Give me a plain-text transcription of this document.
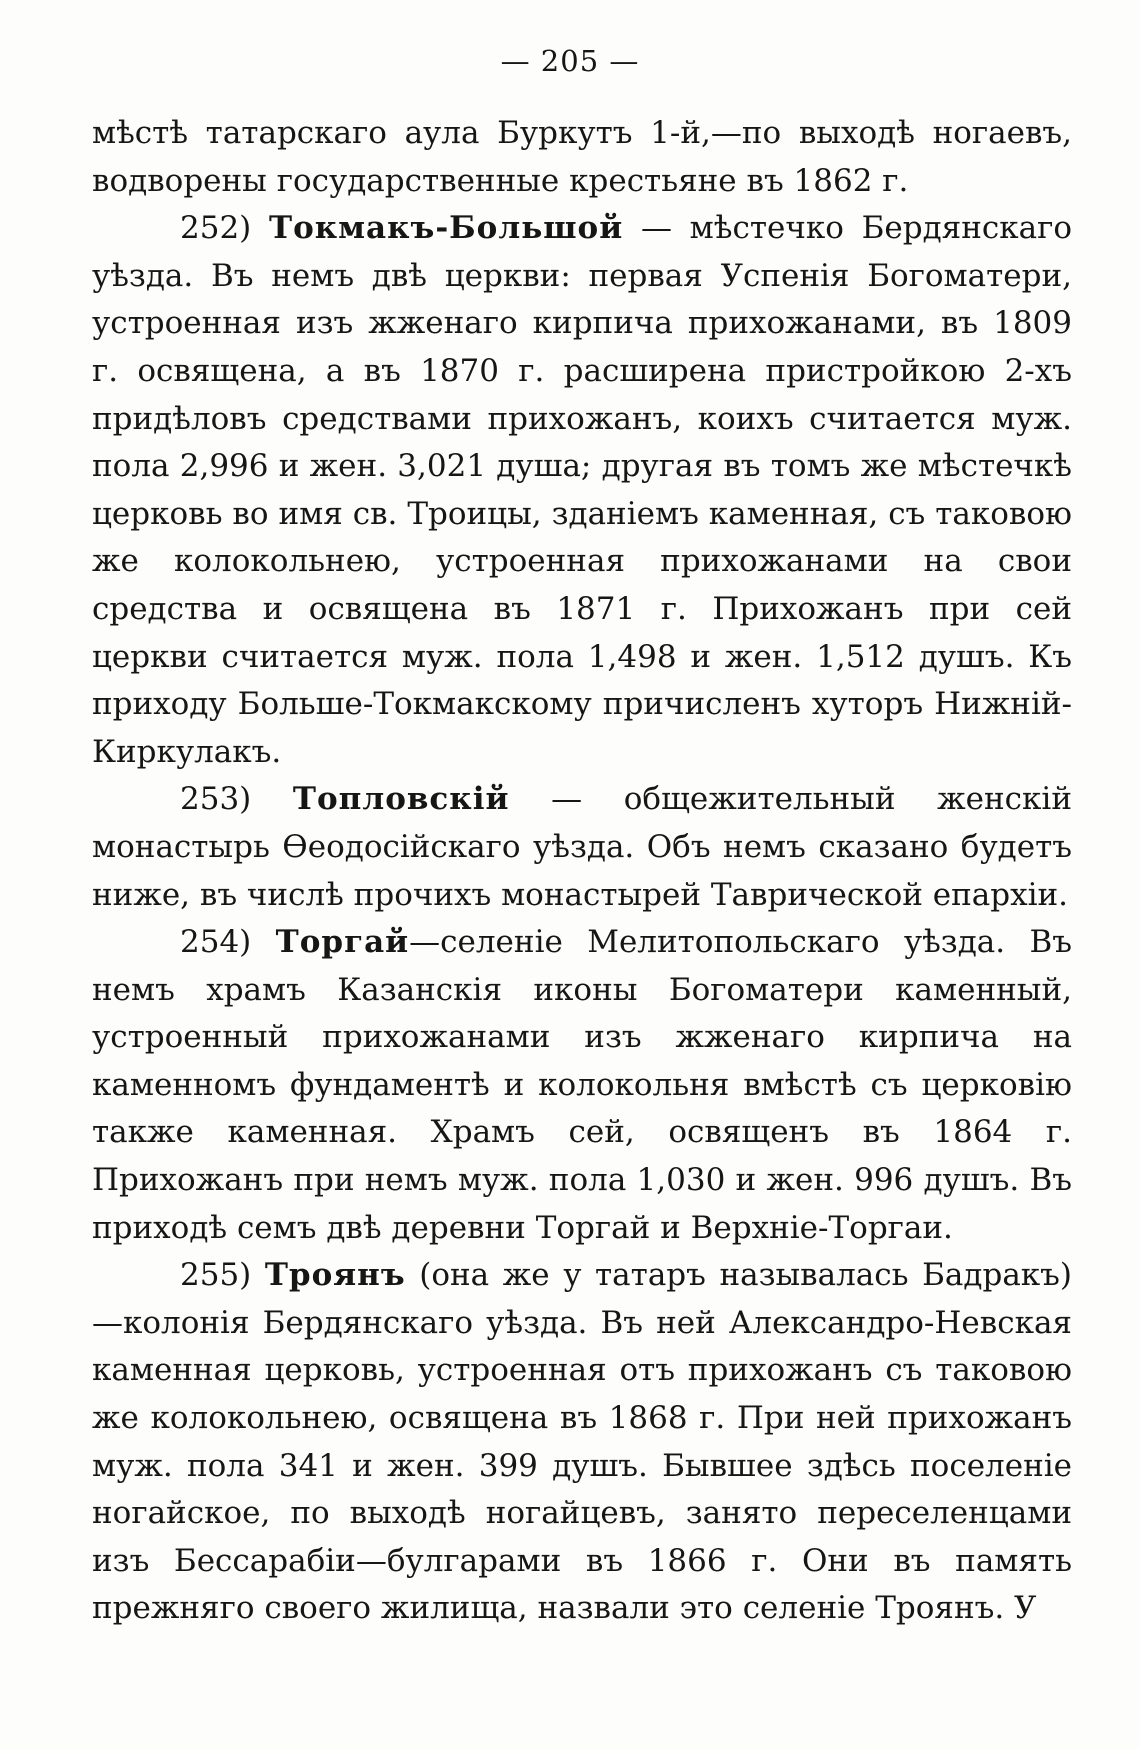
— 205 —

мѣстѣ татарскаго аула Буркутъ 1-й,—по выходѣ ногаевъ, водворены государственные крестьяне въ 1862 г.

252) Токмакъ-Большой — мѣстечко Бердянскаго уѣзда. Въ немъ двѣ церкви: первая Успенія Богоматери, устроенная изъ жженаго кирпича прихожанами, въ 1809 г. освящена, а въ 1870 г. расширена пристройкою 2-хъ придѣловъ средствами прихожанъ, коихъ считается муж. пола 2,996 и жен. 3,021 душа; другая въ томъ же мѣстечкѣ церковь во имя св. Троицы, зданіемъ каменная, съ таковою же колокольнею, устроенная прихожанами на свои средства и освящена въ 1871 г. Прихожанъ при сей церкви считается муж. пола 1,498 и жен. 1,512 душъ. Къ приходу Больше-Токмакскому причисленъ хуторъ Нижній-Киркулакъ.

253) Топловскій — общежительный женскій монастырь Ѳеодосійскаго уѣзда. Объ немъ сказано будетъ ниже, въ числѣ прочихъ монастырей Таврической епархіи.

254) Торгай—селеніе Мелитопольскаго уѣзда. Въ немъ храмъ Казанскія иконы Богоматери каменный, устроенный прихожанами изъ жженаго кирпича на каменномъ фундаментѣ и колокольня вмѣстѣ съ церковію также каменная. Храмъ сей, освященъ въ 1864 г. Прихожанъ при немъ муж. пола 1,030 и жен. 996 душъ. Въ приходѣ семъ двѣ деревни Торгай и Верхніе-Торгаи.

255) Троянъ (она же у татаръ называлась Бадракъ)—колонія Бердянскаго уѣзда. Въ ней Александро-Невская каменная церковь, устроенная отъ прихожанъ съ таковою же колокольнею, освящена въ 1868 г. При ней прихожанъ муж. пола 341 и жен. 399 душъ. Бывшее здѣсь поселеніе ногайское, по выходѣ ногайцевъ, занято переселенцами изъ Бессарабіи—булгарами въ 1866 г. Они въ память прежняго своего жилища, назвали это селеніе Троянъ. У
